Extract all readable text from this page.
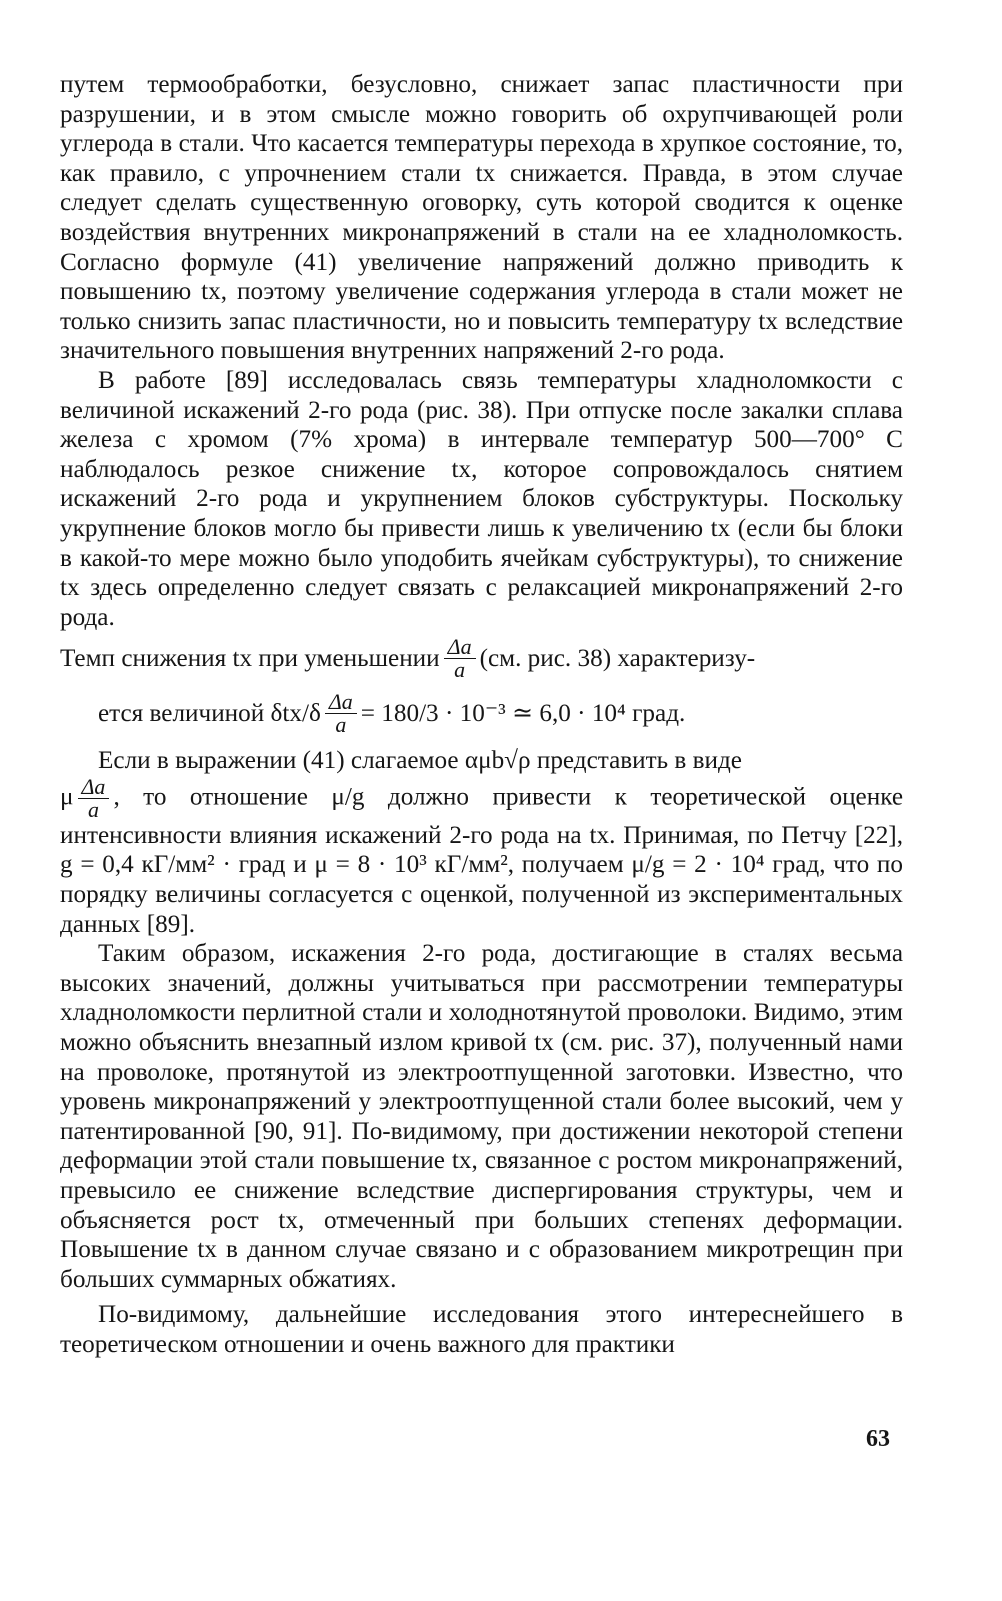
путем термообработки, безусловно, снижает запас пластичности при разрушении, и в этом смысле можно говорить об охрупчивающей роли углерода в стали. Что касается температуры перехода в хрупкое состояние, то, как правило, с упрочнением стали tх снижается. Правда, в этом случае следует сделать существенную оговорку, суть которой сводится к оценке воздействия внутренних микронапряжений в стали на ее хладноломкость. Согласно формуле (41) увеличение напряжений должно приводить к повышению tх, поэтому увеличение содержания углерода в стали может не только снизить запас пластичности, но и повысить температуру tх вследствие значительного повышения внутренних напряжений 2-го рода.

В работе [89] исследовалась связь температуры хладноломкости с величиной искажений 2-го рода (рис. 38). При отпуске после закалки сплава железа с хромом (7% хрома) в интервале температур 500—700° С наблюдалось резкое снижение tх, которое сопровождалось снятием искажений 2-го рода и укрупнением блоков субструктуры. Поскольку укрупнение блоков могло бы привести лишь к увеличению tх (если бы блоки в какой-то мере можно было уподобить ячейкам субструктуры), то снижение tх здесь определенно следует связать с релаксацией микронапряжений 2-го рода.

Темп снижения tх при уменьшении $\frac{\Delta a}{a} (см$. рис. 38) характеризу-
ется величиной $\delta tх/\delta \frac{\Delta a}{a} = 180/3 \cdot 10^{-3}$ ≃ 6,0 · 10⁴ град.

Если в выражении (41) слагаемое αμb√ρ представить в виде

μ $\frac{\Delta a}{a}$ , то отношение μ/g должно привести к теоретической оценке интенсивности влияния искажений 2-го рода на tх. Принимая, по Петчу [22], g = 0,4 кГ/мм² · град и μ = 8 · 10³ кГ/мм², получаем μ/g = 2 · 10⁴ град, что по порядку величины согласуется с оценкой, полученной из экспериментальных данных [89].

Таким образом, искажения 2-го рода, достигающие в сталях весьма высоких значений, должны учитываться при рассмотрении температуры хладноломкости перлитной стали и холоднотянутой проволоки. Видимо, этим можно объяснить внезапный излом кривой tх (см. рис. 37), полученный нами на проволоке, протянутой из электроотпущенной заготовки. Известно, что уровень микронапряжений у электроотпущенной стали более высокий, чем у патентированной [90, 91]. По-видимому, при достижении некоторой степени деформации этой стали повышение tх, связанное с ростом микронапряжений, превысило ее снижение вследствие диспергирования структуры, чем и объясняется рост tх, отмеченный при больших степенях деформации. Повышение tх в данном случае связано и с образованием микротрещин при больших суммарных обжатиях.

По-видимому, дальнейшие исследования этого интереснейшего в теоретическом отношении и очень важного для практики

63
